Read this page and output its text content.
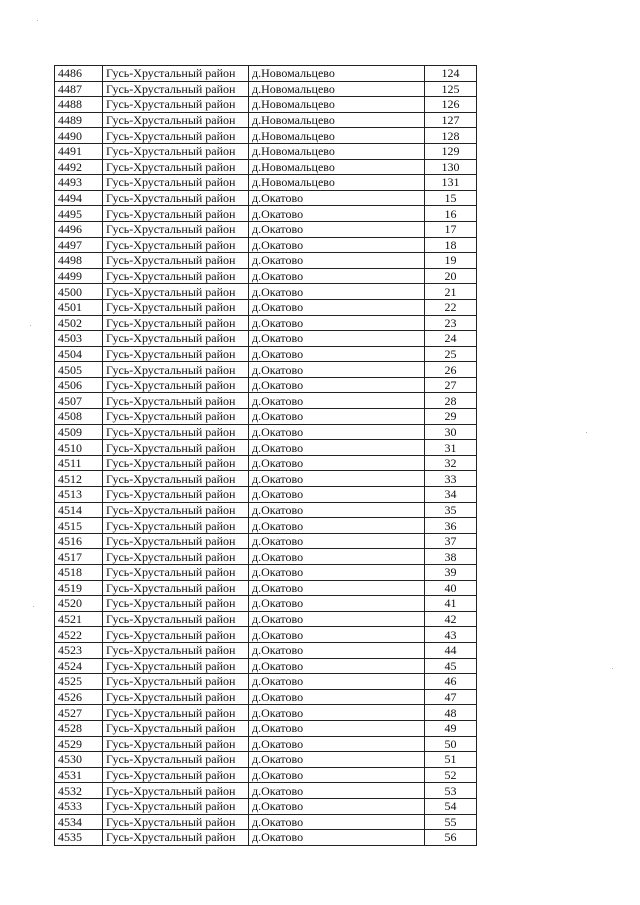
4486	Гусь-Хрустальный район	д.Новомальцево	124
4487	Гусь-Хрустальный район	д.Новомальцево	125
4488	Гусь-Хрустальный район	д.Новомальцево	126
4489	Гусь-Хрустальный район	д.Новомальцево	127
4490	Гусь-Хрустальный район	д.Новомальцево	128
4491	Гусь-Хрустальный район	д.Новомальцево	129
4492	Гусь-Хрустальный район	д.Новомальцево	130
4493	Гусь-Хрустальный район	д.Новомальцево	131
4494	Гусь-Хрустальный район	д.Окатово	15
4495	Гусь-Хрустальный район	д.Окатово	16
4496	Гусь-Хрустальный район	д.Окатово	17
4497	Гусь-Хрустальный район	д.Окатово	18
4498	Гусь-Хрустальный район	д.Окатово	19
4499	Гусь-Хрустальный район	д.Окатово	20
4500	Гусь-Хрустальный район	д.Окатово	21
4501	Гусь-Хрустальный район	д.Окатово	22
4502	Гусь-Хрустальный район	д.Окатово	23
4503	Гусь-Хрустальный район	д.Окатово	24
4504	Гусь-Хрустальный район	д.Окатово	25
4505	Гусь-Хрустальный район	д.Окатово	26
4506	Гусь-Хрустальный район	д.Окатово	27
4507	Гусь-Хрустальный район	д.Окатово	28
4508	Гусь-Хрустальный район	д.Окатово	29
4509	Гусь-Хрустальный район	д.Окатово	30
4510	Гусь-Хрустальный район	д.Окатово	31
4511	Гусь-Хрустальный район	д.Окатово	32
4512	Гусь-Хрустальный район	д.Окатово	33
4513	Гусь-Хрустальный район	д.Окатово	34
4514	Гусь-Хрустальный район	д.Окатово	35
4515	Гусь-Хрустальный район	д.Окатово	36
4516	Гусь-Хрустальный район	д.Окатово	37
4517	Гусь-Хрустальный район	д.Окатово	38
4518	Гусь-Хрустальный район	д.Окатово	39
4519	Гусь-Хрустальный район	д.Окатово	40
4520	Гусь-Хрустальный район	д.Окатово	41
4521	Гусь-Хрустальный район	д.Окатово	42
4522	Гусь-Хрустальный район	д.Окатово	43
4523	Гусь-Хрустальный район	д.Окатово	44
4524	Гусь-Хрустальный район	д.Окатово	45
4525	Гусь-Хрустальный район	д.Окатово	46
4526	Гусь-Хрустальный район	д.Окатово	47
4527	Гусь-Хрустальный район	д.Окатово	48
4528	Гусь-Хрустальный район	д.Окатово	49
4529	Гусь-Хрустальный район	д.Окатово	50
4530	Гусь-Хрустальный район	д.Окатово	51
4531	Гусь-Хрустальный район	д.Окатово	52
4532	Гусь-Хрустальный район	д.Окатово	53
4533	Гусь-Хрустальный район	д.Окатово	54
4534	Гусь-Хрустальный район	д.Окатово	55
4535	Гусь-Хрустальный район	д.Окатово	56
